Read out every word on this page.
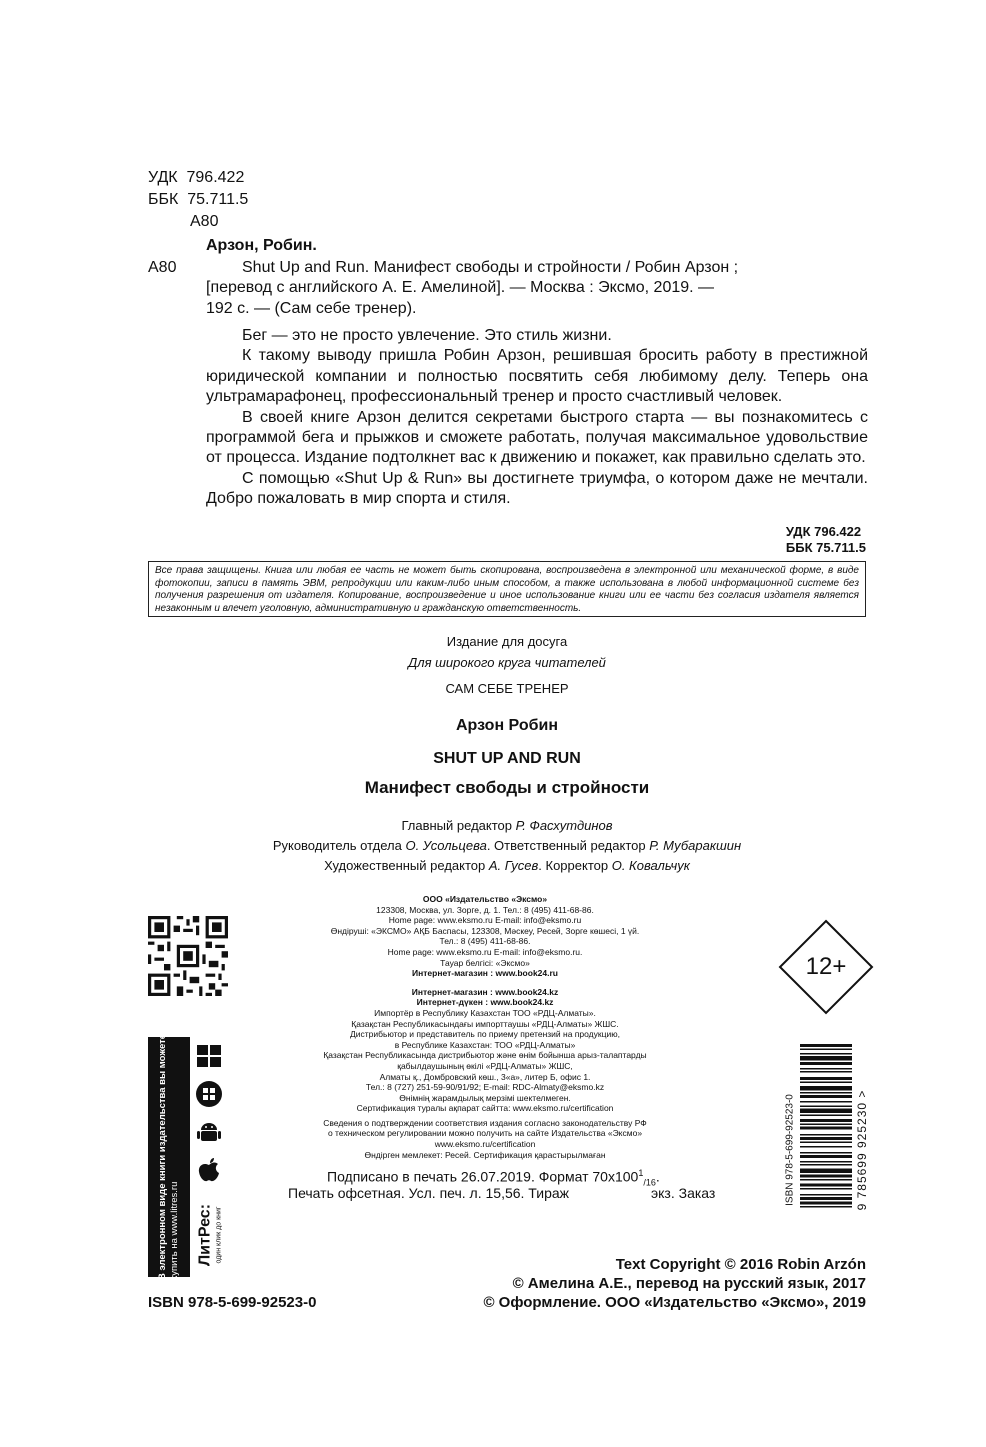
УДК 796.422
ББК 75.711.5
А80
Арзон, Робин.
А80	Shut Up and Run. Манифест свободы и стройности / Робин Арзон ;
[перевод с английского А. Е. Амелиной]. — Москва : Эксмо, 2019. —
192 с. — (Сам себе тренер).

Бег — это не просто увлечение. Это стиль жизни.

К такому выводу пришла Робин Арзон, решившая бросить работу в престижной юридической компании и полностью посвятить себя любимому делу. Теперь она ультрамарафонец, профессиональный тренер и просто счастливый человек.

В своей книге Арзон делится секретами быстрого старта — вы познакомитесь с программой бега и прыжков и сможете работать, получая максимальное удовольствие от процесса. Издание подтолкнет вас к движению и покажет, как правильно сделать это.

С помощью «Shut Up & Run» вы достигнете триумфа, о котором даже не мечтали. Добро пожаловать в мир спорта и стиля.

УДК 796.422
ББК 75.711.5
Все права защищены. Книга или любая ее часть не может быть скопирована, воспроизведена в электронной или механической форме, в виде фотокопии, записи в память ЭВМ, репродукции или каким-либо иным способом, а также использована в любой информационной системе без получения разрешения от издателя. Копирование, воспроизведение и иное использование книги или ее части без согласия издателя является незаконным и влечет уголовную, административную и гражданскую ответственность.
Издание для досуга
Для широкого круга читателей
САМ СЕБЕ ТРЕНЕР
Арзон Робин
SHUT UP AND RUN
Манифест свободы и стройности
Главный редактор Р. Фасхутдинов
Руководитель отдела О. Усольцева. Ответственный редактор Р. Мубаракшин
Художественный редактор А. Гусев. Корректор О. Ковальчук
ООО «Издательство «Эксмо»
123308, Москва, ул. Зорге, д. 1. Тел.: 8 (495) 411-68-86.
Home page: www.eksmo.ru E-mail: info@eksmo.ru
Өндіруші: «ЭКСМО» АҚБ Баспасы, 123308, Мәскеу, Ресей, Зорге көшесі, 1 үй.
Тел.: 8 (495) 411-68-86.
Home page: www.eksmo.ru E-mail: info@eksmo.ru.
Тауар белгісі: «Эксмо»
Интернет-магазин : www.book24.ru
Интернет-магазин : www.book24.kz
Интернет-дүкен : www.book24.kz
Импортёр в Республику Казахстан ТОО «РДЦ-Алматы».
Қазақстан Республикасындағы импорттаушы «РДЦ-Алматы» ЖШС.
Дистрибьютор и представитель по приему претензий на продукцию,
в Республике Казахстан: ТОО «РДЦ-Алматы»
Қазақстан Республикасында дистрибьютор және өнім бойынша арыз-талаптарды
қабылдаушының өкілі «РДЦ-Алматы» ЖШС,
Алматы қ., Домбровский көш., 3«а», литер Б, офис 1.
Тел.: 8 (727) 251-59-90/91/92; E-mail: RDC-Almaty@eksmo.kz
Өнімнің жарамдылық мерзімі шектелмеген.
Сертификация туралы ақпарат сайтта: www.eksmo.ru/certification
Сведения о подтверждении соответствия издания согласно законодательству РФ
о техническом регулировании можно получить на сайте Издательства «Эксмо»
www.eksmo.ru/certification
Өндірген мемлекет: Ресей. Сертификация қарастырылмаған
12+
В электронном виде книги издательства вы можете купить на www.litres.ru ЛитРес: один клик до книг
Подписано в печать 26.07.2019. Формат $70x100^1_{/16}$.
Печать офсетная. Усл. печ. л. 15,56. Тираж	экз. Заказ	ISBN 978-5-699-92523-0	9 785699 925230 >
ISBN 978-5-699-92523-0
Text Copyright © 2016 Robin Arzón
© Амелина А.Е., перевод на русский язык, 2017
© Оформление. ООО «Издательство «Эксмо», 2019
